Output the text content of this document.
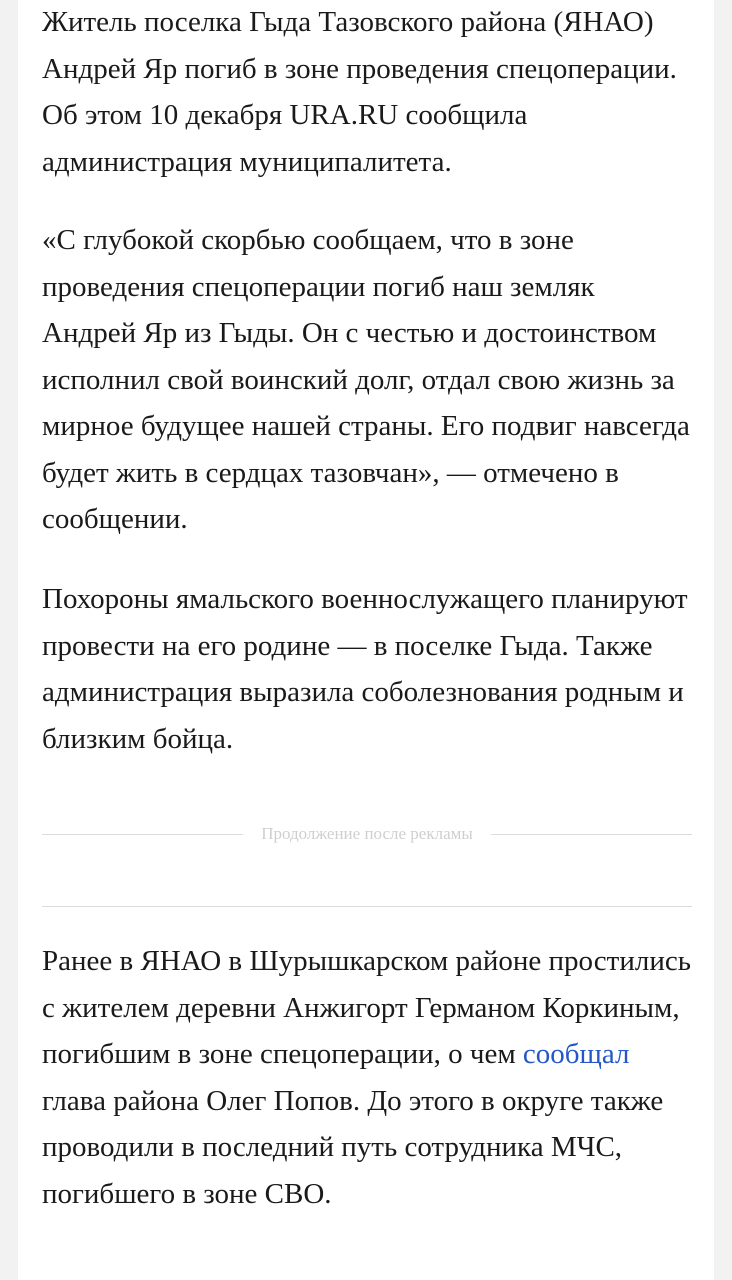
Житель поселка Гыда Тазовского района (ЯНАО) Андрей Яр погиб в зоне проведения спецоперации. Об этом 10 декабря URA.RU сообщила администрация муниципалитета.

«С глубокой скорбью сообщаем, что в зоне проведения спецоперации погиб наш земляк Андрей Яр из Гыды. Он с честью и достоинством исполнил свой воинский долг, отдал свою жизнь за мирное будущее нашей страны. Его подвиг навсегда будет жить в сердцах тазовчан», — отмечено в сообщении.

Похороны ямальского военнослужащего планируют провести на его родине — в поселке Гыда. Также администрация выразила соболезнования родным и близким бойца.

Продолжение после рекламы

Ранее в ЯНАО в Шурышкарском районе простились с жителем деревни Анжигорт Германом Коркиным, погибшим в зоне спецоперации, о чем сообщал глава района Олег Попов. До этого в округе также проводили в последний путь сотрудника МЧС, погибшего в зоне СВО.
